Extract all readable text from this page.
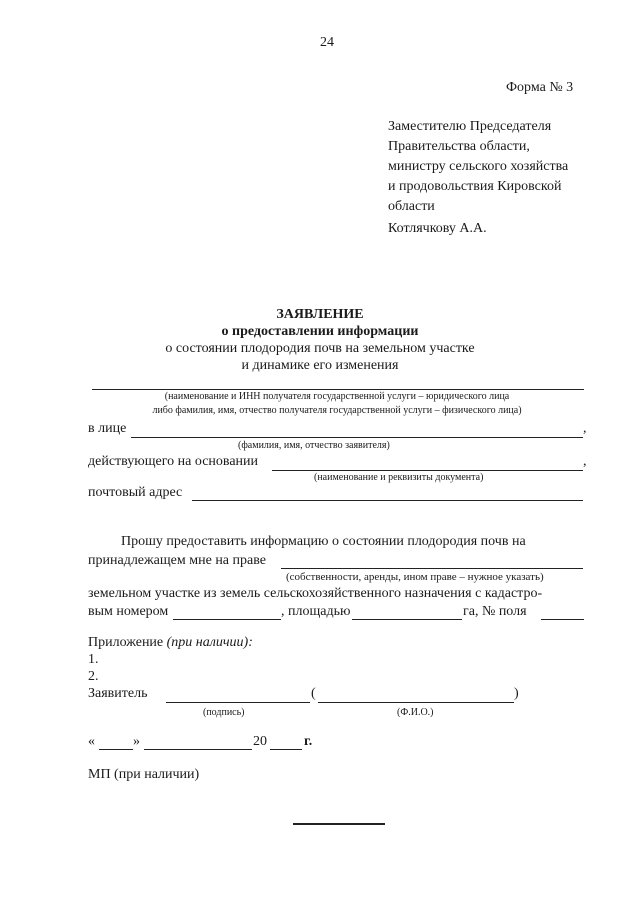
24
Форма № 3
Заместителю Председателя
Правительства области,
министру сельского хозяйства
и продовольствия Кировской
области
Котлячкову А.А.
ЗАЯВЛЕНИЕ
о предоставлении информации
о состоянии плодородия почв на земельном участке
и динамике его изменения
(наименование и ИНН получателя государственной услуги – юридического лица
либо фамилия, имя, отчество получателя государственной услуги – физического лица)
в лице	,
(фамилия, имя, отчество заявителя)
действующего на основании	,
(наименование и реквизиты документа)
почтовый адрес
Прошу предоставить информацию о состоянии плодородия почв на
принадлежащем мне на праве
(собственности, аренды, ином праве – нужное указать)
земельном участке из земель сельскохозяйственного назначения с кадастро-
вым номером	, площадью	га, № поля
Приложение (при наличии):
1.
2.
Заявитель	(	)
(подпись)	(Ф.И.О.)
«	»	20	г.
МП (при наличии)
